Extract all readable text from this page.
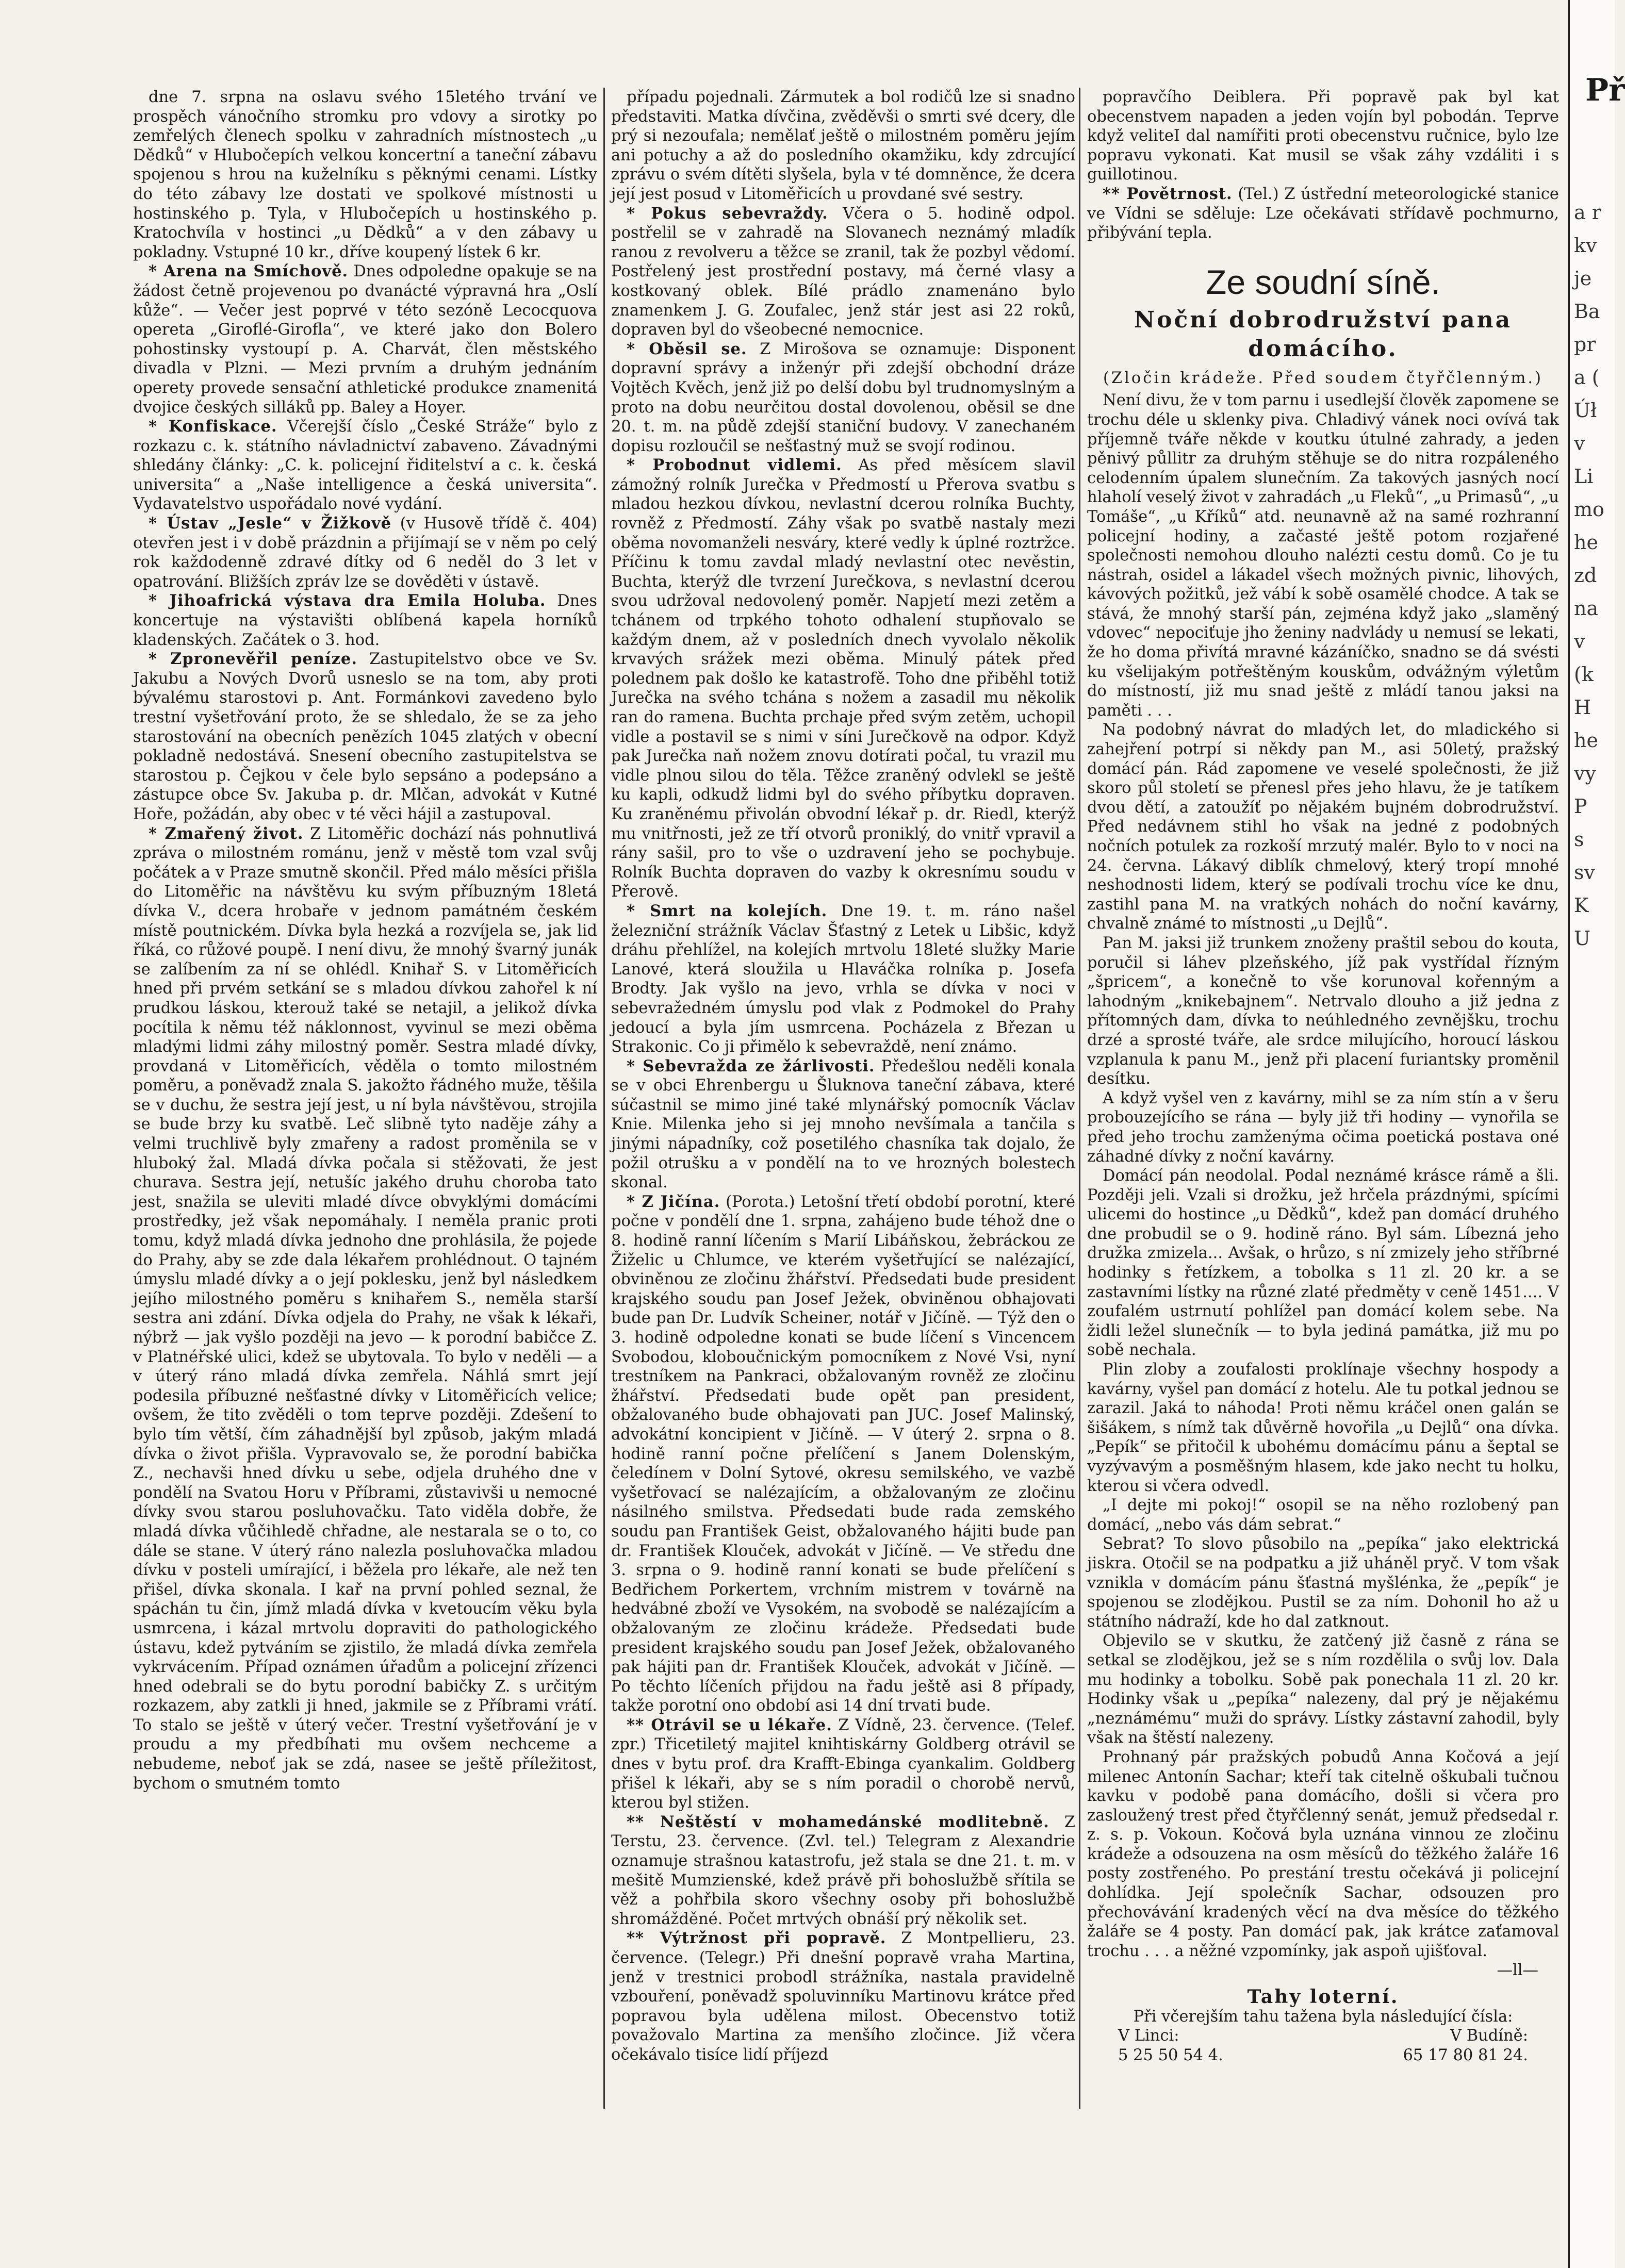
dne 7. srpna na oslavu svého 15letého trvání ve prospěch vánočního stromku pro vdovy a sirotky po zemřelých členech spolku v zahradních místnostech „u Dědků“ v Hlubočepích velkou koncertní a taneční zábavu spojenou s hrou na kuželníku s pěknými cenami. Lístky do této zábavy lze dostati ve spolkové místnosti u hostinského p. Tyla, v Hlubočepích u hostinského p. Kratochvíla v hostinci „u Dědků“ a v den zábavy u pokladny. Vstupné 10 kr., dříve koupený lístek 6 kr.

* Arena na Smíchově. Dnes odpoledne opakuje se na žádost četně projevenou po dvanácté výpravná hra „Oslí kůže“. — Večer jest poprvé v této sezóně Lecocquova opereta „Giroflé-Girofla“, ve které jako don Bolero pohostinsky vystoupí p. A. Charvát, člen městského divadla v Plzni. — Mezi prvním a druhým jednáním operety provede sensační athletické produkce znamenitá dvojice českých silláků pp. Baley a Hoyer.

* Konfiskace. Včerejší číslo „České Stráže“ bylo z rozkazu c. k. státního návladnictví zabaveno. Závadnými shledány články: „C. k. policejní řiditelství a c. k. česká universita“ a „Naše intelligence a česká universita“. Vydavatelstvo uspořádalo nové vydání.

* Ústav „Jesle“ v Žižkově (v Husově třídě č. 404) otevřen jest i v době prázdnin a přijímají se v něm po celý rok každodenně zdravé dítky od 6 neděl do 3 let v opatrování. Bližších zpráv lze se dověděti v ústavě.

* Jihoafrická výstava dra Emila Holuba. Dnes koncertuje na výstavišti oblíbená kapela horníků kladenských. Začátek o 3. hod.

* Zpronevěřil peníze. Zastupitelstvo obce ve Sv. Jakubu a Nových Dvorů usneslo se na tom, aby proti bývalému starostovi p. Ant. Formánkovi zavedeno bylo trestní vyšetřování proto, že se shledalo, že se za jeho starostování na obecních penězích 1045 zlatých v obecní pokladně nedostává. Snesení obecního zastupitelstva se starostou p. Čejkou v čele bylo sepsáno a podepsáno a zástupce obce Sv. Jakuba p. dr. Mlčan, advokát v Kutné Hoře, požádán, aby obec v té věci hájil a zastupoval.

* Zmařený život. Z Litoměřic dochází nás pohnutlivá zpráva o milostném románu, jenž v městě tom vzal svůj počátek a v Praze smutně skončil. Před málo měsíci přišla do Litoměřic na návštěvu ku svým příbuzným 18letá dívka V., dcera hrobaře v jednom památném českém místě poutnickém. Dívka byla hezká a rozvíjela se, jak lid říká, co růžové poupě. I není divu, že mnohý švarný junák se zalíbením za ní se ohlédl. Knihař S. v Litoměřicích hned při prvém setkání se s mladou dívkou zahořel k ní prudkou láskou, kterouž také se netajil, a jelikož dívka pocítila k němu též náklonnost, vyvinul se mezi oběma mladými lidmi záhy milostný poměr. Sestra mladé dívky, provdaná v Litoměřicích, věděla o tomto milostném poměru, a poněvadž znala S. jakožto řádného muže, těšila se v duchu, že sestra její jest, u ní byla návštěvou, strojila se bude brzy ku svatbě. Leč slibně tyto naděje záhy a velmi truchlivě byly zmařeny a radost proměnila se v hluboký žal. Mladá dívka počala si stěžovati, že jest churava. Sestra její, netušíc jakého druhu choroba tato jest, snažila se uleviti mladé dívce obvyklými domácími prostředky, jež však nepomáhaly. I neměla pranic proti tomu, když mladá dívka jednoho dne prohlásila, že pojede do Prahy, aby se zde dala lékařem prohlédnout. O tajném úmyslu mladé dívky a o její poklesku, jenž byl následkem jejího milostného poměru s knihařem S., neměla starší sestra ani zdání. Dívka odjela do Prahy, ne však k lékaři, nýbrž — jak vyšlo později na jevo — k porodní babičce Z. v Platnéřské ulici, kdež se ubytovala. To bylo v neděli — a v úterý ráno mladá dívka zemřela. Náhlá smrt její podesila příbuzné nešťastné dívky v Litoměřicích velice; ovšem, že tito zvěděli o tom teprve později. Zdešení to bylo tím větší, čím záhadnější byl způsob, jakým mladá dívka o život přišla. Vypravovalo se, že porodní babička Z., nechavši hned dívku u sebe, odjela druhého dne v pondělí na Svatou Horu v Příbrami, zůstavivši u nemocné dívky svou starou posluhovačku. Tato viděla dobře, že mladá dívka vůčihledě chřadne, ale nestarala se o to, co dále se stane. V úterý ráno nalezla posluhovačka mladou dívku v posteli umírající, i běžela pro lékaře, ale než ten přišel, dívka skonala. I kař na první pohled seznal, že spáchán tu čin, jímž mladá dívka v kvetoucím věku byla usmrcena, i kázal mrtvolu dopraviti do pathologického ústavu, kdež pytváním se zjistilo, že mladá dívka zemřela vykrvácením. Případ oznámen úřadům a policejní zřízenci hned odebrali se do bytu porodní babičky Z. s určitým rozkazem, aby zatkli ji hned, jakmile se z Příbrami vrátí. To stalo se ještě v úterý večer. Trestní vyšetřování je v proudu a my předbíhati mu ovšem nechceme a nebudeme, neboť jak se zdá, nasee se ještě příležitost, bychom o smutném tomto

případu pojednali. Zármutek a bol rodičů lze si snadno představiti. Matka dívčina, zvěděvši o smrti své dcery, dle prý si nezoufala; nemělať ještě o milostném poměru jejím ani potuchy a až do posledního okamžiku, kdy zdrcující zprávu o svém dítěti slyšela, byla v té domněnce, že dcera její jest posud v Litoměřicích u provdané své sestry.

* Pokus sebevraždy. Včera o 5. hodině odpol. postřelil se v zahradě na Slovanech neznámý mladík ranou z revolveru a těžce se zranil, tak že pozbyl vědomí. Postřelený jest prostřední postavy, má černé vlasy a kostkovaný oblek. Bílé prádlo znamenáno bylo znamenkem J. G. Zoufalec, jenž stár jest asi 22 roků, dopraven byl do všeobecné nemocnice.

* Oběsil se. Z Mirošova se oznamuje: Disponent dopravní správy a inženýr při zdejší obchodní dráze Vojtěch Kvěch, jenž již po delší dobu byl trudnomyslným a proto na dobu neurčitou dostal dovolenou, oběsil se dne 20. t. m. na půdě zdejší staniční budovy. V zanechaném dopisu rozloučil se nešťastný muž se svojí rodinou.

* Probodnut vidlemi. As před měsícem slavil zámožný rolník Jurečka v Předmostí u Přerova svatbu s mladou hezkou dívkou, nevlastní dcerou rolníka Buchty, rovněž z Předmostí. Záhy však po svatbě nastaly mezi oběma novomanželi nesváry, které vedly k úplné roztržce. Příčinu k tomu zavdal mladý nevlastní otec nevěstin, Buchta, kterýž dle tvrzení Jurečkova, s nevlastní dcerou svou udržoval nedovolený poměr. Napjetí mezi zetěm a tchánem od trpkého tohoto odhalení stupňovalo se každým dnem, až v posledních dnech vyvolalo několik krvavých srážek mezi oběma. Minulý pátek před polednem pak došlo ke katastrofě. Toho dne přiběhl totiž Jurečka na svého tchána s nožem a zasadil mu několik ran do ramena. Buchta prchaje před svým zetěm, uchopil vidle a postavil se s nimi v síni Jurečkově na odpor. Když pak Jurečka naň nožem znovu dotírati počal, tu vrazil mu vidle plnou silou do těla. Těžce zraněný odvlekl se ještě ku kapli, odkudž lidmi byl do svého příbytku dopraven. Ku zraněnému přivolán obvodní lékař p. dr. Riedl, kterýž mu vnitřnosti, jež ze tří otvorů proniklý, do vnitř vpravil a rány sašil, pro to vše o uzdravení jeho se pochybuje. Rolník Buchta dopraven do vazby k okresnímu soudu v Přerově.

* Smrt na kolejích. Dne 19. t. m. ráno našel železniční strážník Václav Šťastný z Letek u Libšic, když dráhu přehlížel, na kolejích mrtvolu 18leté služky Marie Lanové, která sloužila u Hlaváčka rolníka p. Josefa Brodty. Jak vyšlo na jevo, vrhla se dívka v noci v sebevražedném úmyslu pod vlak z Podmokel do Prahy jedoucí a byla jím usmrcena. Pocházela z Březan u Strakonic. Co ji přimělo k sebevraždě, není známo.

* Sebevražda ze žárlivosti. Předešlou neděli konala se v obci Ehrenbergu u Šluknova taneční zábava, které súčastnil se mimo jiné také mlynářský pomocník Václav Knie. Milenka jeho si jej mnoho nevšímala a tančila s jinými nápadníky, což posetilého chasníka tak dojalo, že požil otrušku a v pondělí na to ve hrozných bolestech skonal.

* Z Jičína. (Porota.) Letošní třetí období porotní, které počne v pondělí dne 1. srpna, zahájeno bude téhož dne o 8. hodině ranní líčením s Marií Libáňskou, žebráckou ze Žiželic u Chlumce, ve kterém vyšetřující se nalézající, obviněnou ze zločinu žhářství. Předsedati bude president krajského soudu pan Josef Ježek, obviněnou obhajovati bude pan Dr. Ludvík Scheiner, notář v Jičíně. — Týž den o 3. hodině odpoledne konati se bude líčení s Vincencem Svobodou, kloboučnickým pomocníkem z Nové Vsi, nyní trestníkem na Pankraci, obžalovaným rovněž ze zločinu žhářství. Předsedati bude opět pan president, obžalovaného bude obhajovati pan JUC. Josef Malinský, advokátní koncipient v Jičíně. — V úterý 2. srpna o 8. hodině ranní počne přelíčení s Janem Dolenským, čeledínem v Dolní Sytové, okresu semilského, ve vazbě vyšetřovací se nalézajícím, a obžalovaným ze zločinu násilného smilstva. Předsedati bude rada zemského soudu pan František Geist, obžalovaného hájiti bude pan dr. František Klouček, advokát v Jičíně. — Ve středu dne 3. srpna o 9. hodině ranní konati se bude přelíčení s Bedřichem Porkertem, vrchním mistrem v továrně na hedvábné zboží ve Vysokém, na svobodě se nalézajícím a obžalovaným ze zločinu krádeže. Předsedati bude president krajského soudu pan Josef Ježek, obžalovaného pak hájiti pan dr. František Klouček, advokát v Jičíně. — Po těchto líčeních přijdou na řadu ještě asi 8 případy, takže porotní ono období asi 14 dní trvati bude.

** Otrávil se u lékaře. Z Vídně, 23. července. (Telef. zpr.) Třicetiletý majitel knihtiskárny Goldberg otrávil se dnes v bytu prof. dra Krafft-Ebinga cyankalim. Goldberg přišel k lékaři, aby se s ním poradil o chorobě nervů, kterou byl stižen.

** Neštěstí v mohamedánské modlitebně. Z Terstu, 23. července. (Zvl. tel.) Telegram z Alexandrie oznamuje strašnou katastrofu, jež stala se dne 21. t. m. v mešitě Mumzienské, kdež právě při bohoslužbě sřítila se věž a pohřbila skoro všechny osoby při bohoslužbě shromážděné. Počet mrtvých obnáší prý několik set.

** Výtržnost při popravě. Z Montpellieru, 23. července. (Telegr.) Při dnešní popravě vraha Martina, jenž v trestnici probodl strážníka, nastala pravidelně vzbouření, poněvadž spoluvinníku Martinovu krátce před popravou byla udělena milost. Obecenstvo totiž považovalo Martina za menšího zločince. Již včera očekávalo tisíce lidí příjezd

popravčího Deiblera. Při popravě pak byl kat obecenstvem napaden a jeden vojín byl pobodán. Teprve když veliteI dal namířiti proti obecenstvu ručnice, bylo lze popravu vykonati. Kat musil se však záhy vzdáliti i s guillotinou.

** Povětrnost. (Tel.) Z ústřední meteorologické stanice ve Vídni se sděluje: Lze očekávati střídavě pochmurno, přibývání tepla.

Ze soudní síně.
Noční dobrodružství pana domácího.
(Zločin krádeže. Před soudem čtyřčlenným.)

Není divu, že v tom parnu i usedlejší člověk zapomene se trochu déle u sklenky piva. Chladivý vánek noci ovívá tak příjemně tváře někde v koutku útulné zahrady, a jeden pěnivý půllitr za druhým stěhuje se do nitra rozpáleného celodenním úpalem slunečním. Za takových jasných nocí hlaholí veselý život v zahradách „u Fleků“, „u Primasů“, „u Tomáše“, „u Kříků“ atd. neunavně až na samé rozhranní policejní hodiny, a začasté ještě potom rozjařené společnosti nemohou dlouho nalézti cestu domů. Co je tu nástrah, osidel a lákadel všech možných pivnic, lihových, kávových požitků, jež vábí k sobě osamělé chodce. A tak se stává, že mnohý starší pán, zejména když jako „slaměný vdovec“ nepociťuje jho ženiny nadvlády u nemusí se lekati, že ho doma přivítá mravné kázáníčko, snadno se dá svésti ku všelijakým potřeštěným kouskům, odvážným výletům do místností, již mu snad ještě z mládí tanou jaksi na paměti . . .

Na podobný návrat do mladých let, do mladického si zahejření potrpí si někdy pan M., asi 50letý, pražský domácí pán. Rád zapomene ve veselé společnosti, že již skoro půl století se přenesl přes jeho hlavu, že je tatíkem dvou dětí, a zatoužíť po nějakém bujném dobrodružství. Před nedávnem stihl ho však na jedné z podobných nočních potulek za rozkoší mrzutý malér. Bylo to v noci na 24. června. Lákavý diblík chmelový, který tropí mnohé neshodnosti lidem, který se podívali trochu více ke dnu, zastihl pana M. na vratkých nohách do noční kavárny, chvalně známé to místnosti „u Dejlů“.

Pan M. jaksi již trunkem znoženy praštil sebou do kouta, poručil si láhev plzeňského, jíž pak vystřídal řízným „špricem“, a konečně to vše korunoval kořenným a lahodným „knikebajnem“. Netrvalo dlouho a již jedna z přítomných dam, dívka to neúhledného zevnějšku, trochu drzé a sprosté tváře, ale srdce milujícího, horoucí láskou vzplanula k panu M., jenž při placení furiantsky proměnil desítku.

A když vyšel ven z kavárny, mihl se za ním stín a v šeru probouzejícího se rána — byly již tři hodiny — vynořila se před jeho trochu zamženýma očima poetická postava oné záhadné dívky z noční kavárny.

Domácí pán neodolal. Podal neznámé krásce rámě a šli. Později jeli. Vzali si drožku, jež hrčela prázdnými, spícími ulicemi do hostince „u Dědků“, kdež pan domácí druhého dne probudil se o 9. hodině ráno. Byl sám. Líbezná jeho družka zmizela... Avšak, o hrůzo, s ní zmizely jeho stříbrné hodinky s řetízkem, a tobolka s 11 zl. 20 kr. a se zastavními lístky na různé zlaté předměty v ceně 1451.... V zoufalém ustrnutí pohlížel pan domácí kolem sebe. Na židli ležel slunečník — to byla jediná památka, již mu po sobě nechala.

Plin zloby a zoufalosti proklínaje všechny hospody a kavárny, vyšel pan domácí z hotelu. Ale tu potkal jednou se zarazil. Jaká to náhoda! Proti němu kráčel onen galán se šišákem, s nímž tak důvěrně hovořila „u Dejlů“ ona dívka. „Pepík“ se přitočil k ubohému domácímu pánu a šeptal se vyzývavým a posměšným hlasem, kde jako necht tu holku, kterou si včera odvedl.

„I dejte mi pokoj!“ osopil se na něho rozlobený pan domácí, „nebo vás dám sebrat.“

Sebrat? To slovo působilo na „pepíka“ jako elektrická jiskra. Otočil se na podpatku a již uháněl pryč. V tom však vznikla v domácím pánu šťastná myšlénka, že „pepík“ je spojenou se zlodějkou. Pustil se za ním. Dohonil ho až u státního nádraží, kde ho dal zatknout.

Objevilo se v skutku, že zatčený již časně z rána se setkal se zlodějkou, jež se s ním rozdělila o svůj lov. Dala mu hodinky a tobolku. Sobě pak ponechala 11 zl. 20 kr. Hodinky však u „pepíka“ nalezeny, dal prý je nějakému „neznámému“ muži do správy. Lístky zástavní zahodil, byly však na štěstí nalezeny.

Prohnaný pár pražských pobudů Anna Kočová a její milenec Antonín Sachar; kteří tak citelně oškubali tučnou kavku v podobě pana domácího, došli si včera pro zasloužený trest před čtyřčlenný senát, jemuž předsedal r. z. s. p. Vokoun. Kočová byla uznána vinnou ze zločinu krádeže a odsouzena na osm měsíců do těžkého žaláře 16 posty zostřeného. Po prestání trestu očekává ji policejní dohlídka. Její společník Sachar, odsouzen pro přechovávání kradených věcí na dva měsíce do těžkého žaláře se 4 posty. Pan domácí pak, jak krátce zaťamoval trochu . . . a něžné vzpomínky, jak aspoň ujišťoval.

—ll—
Tahy loterní.
Při včerejším tahu tažena byla následující čísla:
V Linci:	V Budíně:
5 25 50 54 4.	65 17 80 81 24.
Př
a r
kv
je
Ba
pr
a (
Úł
v
Li
mo
he
zd
na
v
(k
H
he
vy
P
s
sv
K
U
